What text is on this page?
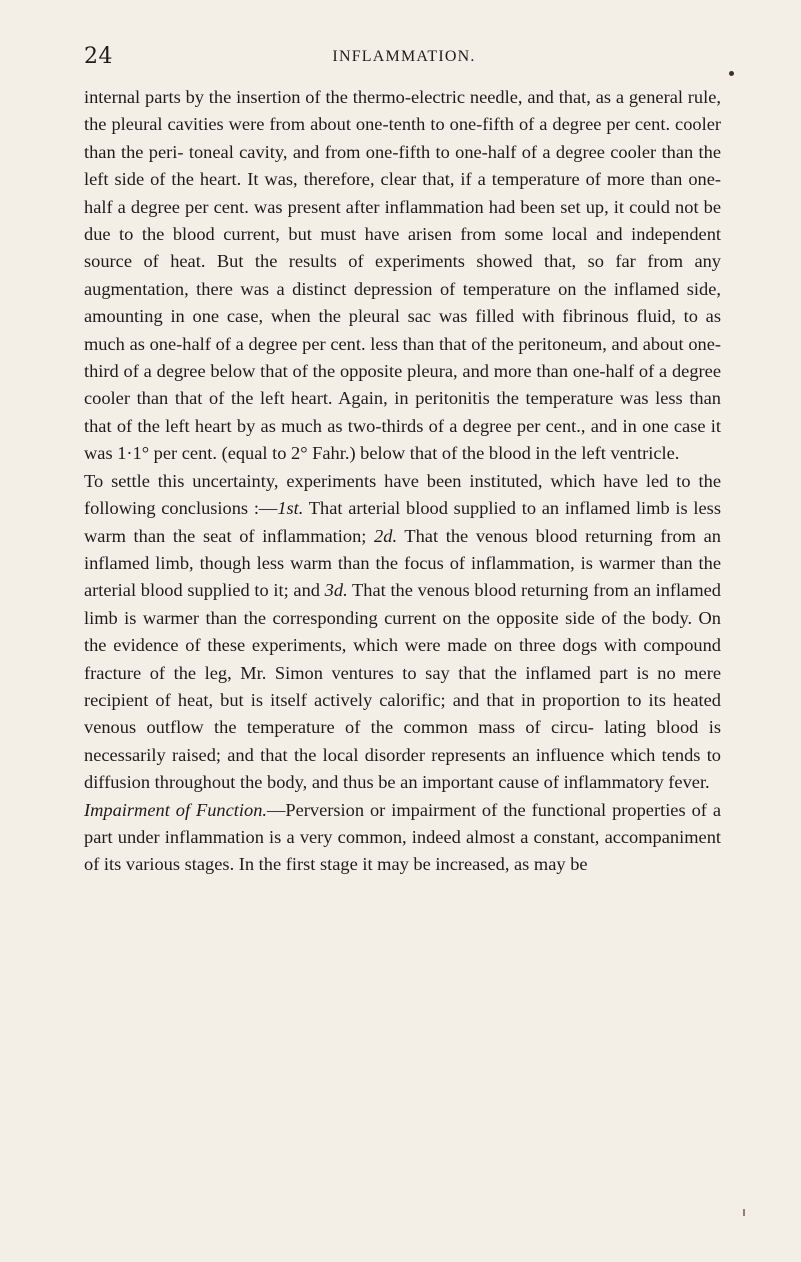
24	INFLAMMATION.

internal parts by the insertion of the thermo-electric needle, and that, as a general rule, the pleural cavities were from about one-tenth to one-fifth of a degree per cent. cooler than the peri- toneal cavity, and from one-fifth to one-half of a degree cooler than the left side of the heart. It was, therefore, clear that, if a temperature of more than one-half a degree per cent. was present after inflammation had been set up, it could not be due to the blood current, but must have arisen from some local and independent source of heat. But the results of experiments showed that, so far from any augmentation, there was a distinct depression of temperature on the inflamed side, amounting in one case, when the pleural sac was filled with fibrinous fluid, to as much as one-half of a degree per cent. less than that of the peritoneum, and about one-third of a degree below that of the opposite pleura, and more than one-half of a degree cooler than that of the left heart. Again, in peritonitis the temperature was less than that of the left heart by as much as two-thirds of a degree per cent., and in one case it was 1·1° per cent. (equal to 2° Fahr.) below that of the blood in the left ventricle.

To settle this uncertainty, experiments have been instituted, which have led to the following conclusions :—1st. That arterial blood supplied to an inflamed limb is less warm than the seat of inflammation; 2d. That the venous blood returning from an inflamed limb, though less warm than the focus of inflammation, is warmer than the arterial blood supplied to it; and 3d. That the venous blood returning from an inflamed limb is warmer than the corresponding current on the opposite side of the body. On the evidence of these experiments, which were made on three dogs with compound fracture of the leg, Mr. Simon ventures to say that the inflamed part is no mere recipient of heat, but is itself actively calorific; and that in proportion to its heated venous outflow the temperature of the common mass of circu- lating blood is necessarily raised; and that the local disorder represents an influence which tends to diffusion throughout the body, and thus be an important cause of inflammatory fever.

Impairment of Function.—Perversion or impairment of the functional properties of a part under inflammation is a very common, indeed almost a constant, accompaniment of its various stages. In the first stage it may be increased, as may be
